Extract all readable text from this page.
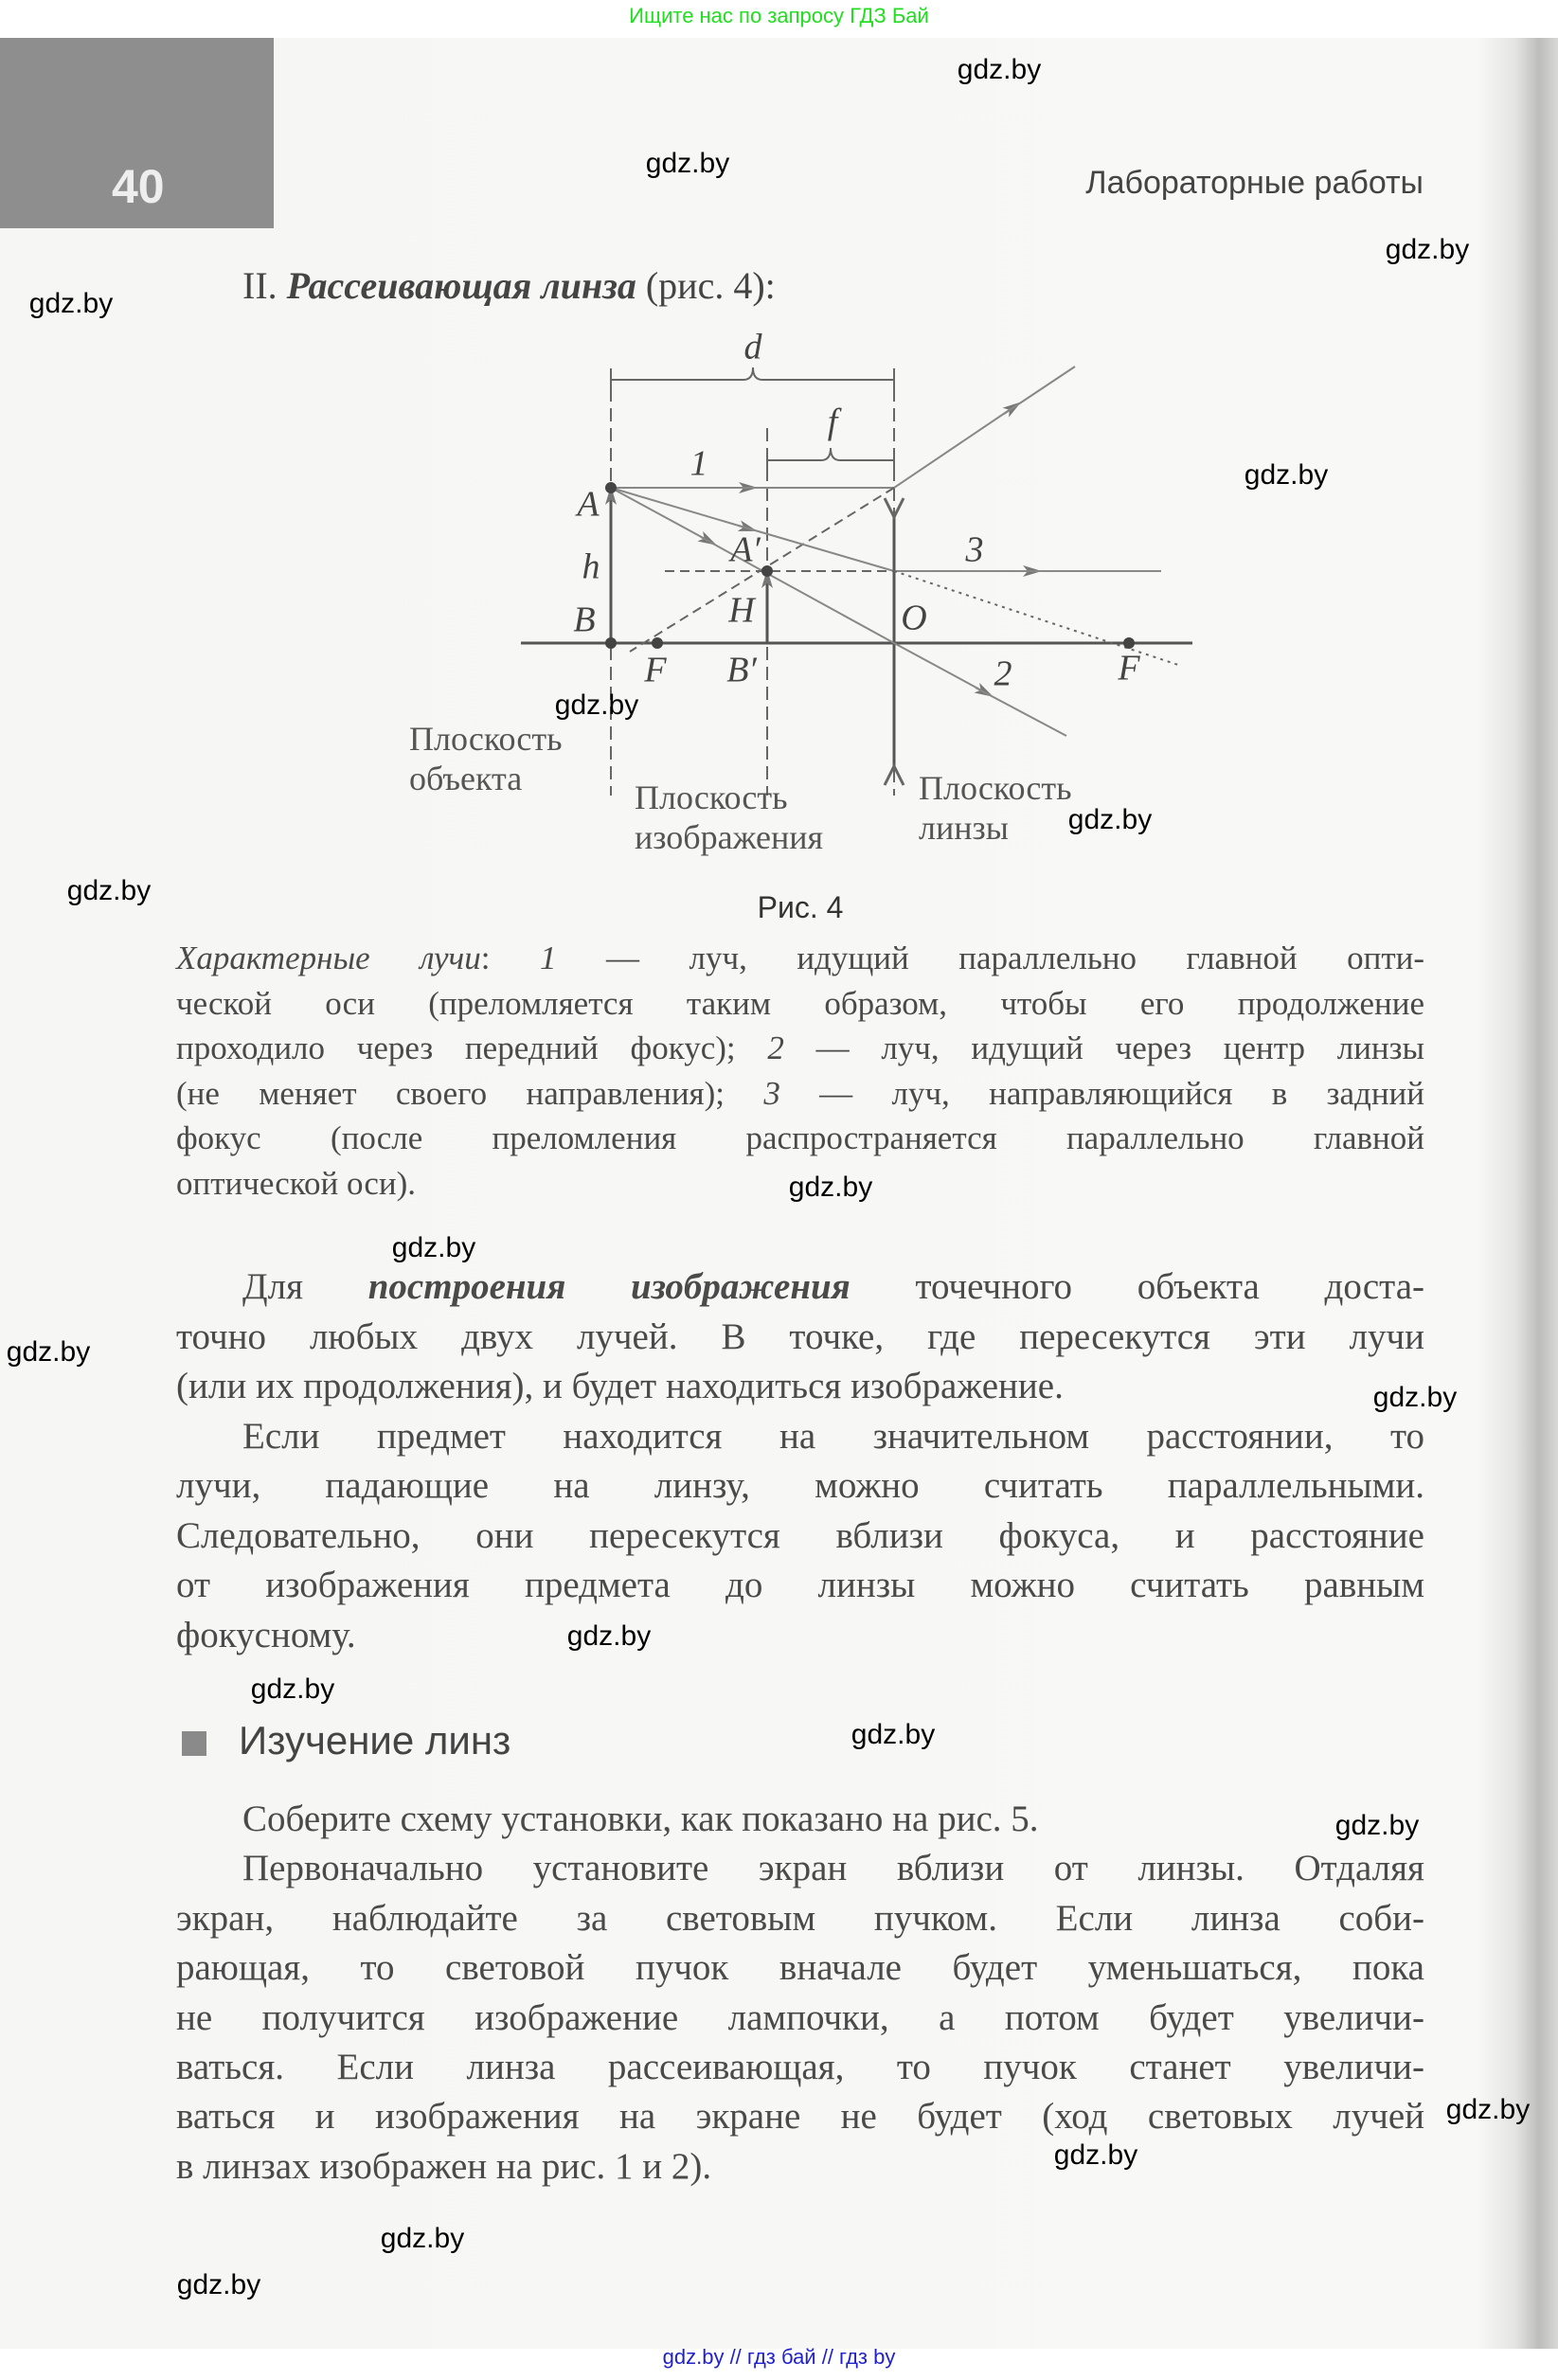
Ищите нас по запросу ГДЗ Бай
40	Лабораторные работы
II. Рассеивающая линза (рис. 4):
d
f
1
3
2
A
A′
h
H
B	O
F B′	F
Плоскость
объекта	Плоскость
изображения
Плоскость
линзы
Рис. 4
Характерные лучи: 1 — луч, идущий параллельно главной опти-
ческой оси (преломляется таким образом, чтобы его продолжение
проходило через передний фокус); 2 — луч, идущий через центр линзы
(не меняет своего направления); 3 — луч, направляющийся в задний
фокус (после преломления распространяется параллельно главной
оптической оси).
Для построения изображения точечного объекта доста-
точно любых двух лучей. В точке, где пересекутся эти лучи
(или их продолжения), и будет находиться изображение.
Если предмет находится на значительном расстоянии, то
лучи, падающие на линзу, можно считать параллельными.
Следовательно, они пересекутся вблизи фокуса, и расстояние
от изображения предмета до линзы можно считать равным
фокусному.
Изучение линз
Соберите схему установки, как показано на рис. 5.
Первоначально установите экран вблизи от линзы. Отдаляя
экран, наблюдайте за световым пучком. Если линза соби-
рающая, то световой пучок вначале будет уменьшаться, пока
не получится изображение лампочки, а потом будет увеличи-
ваться. Если линза рассеивающая, то пучок станет увеличи-
ваться и изображения на экране не будет (ход световых лучей
в линзах изображен на рис. 1 и 2).
gdz.by
gdz.by
gdz.by
gdz.by
gdz.by
gdz.by
gdz.by
gdz.by
gdz.by
gdz.by
gdz.by
gdz.by
gdz.by
gdz.by
gdz.by
gdz.by
gdz.by
gdz.by
gdz.by
gdz.by
gdz.by // гдз бай // гдз by
